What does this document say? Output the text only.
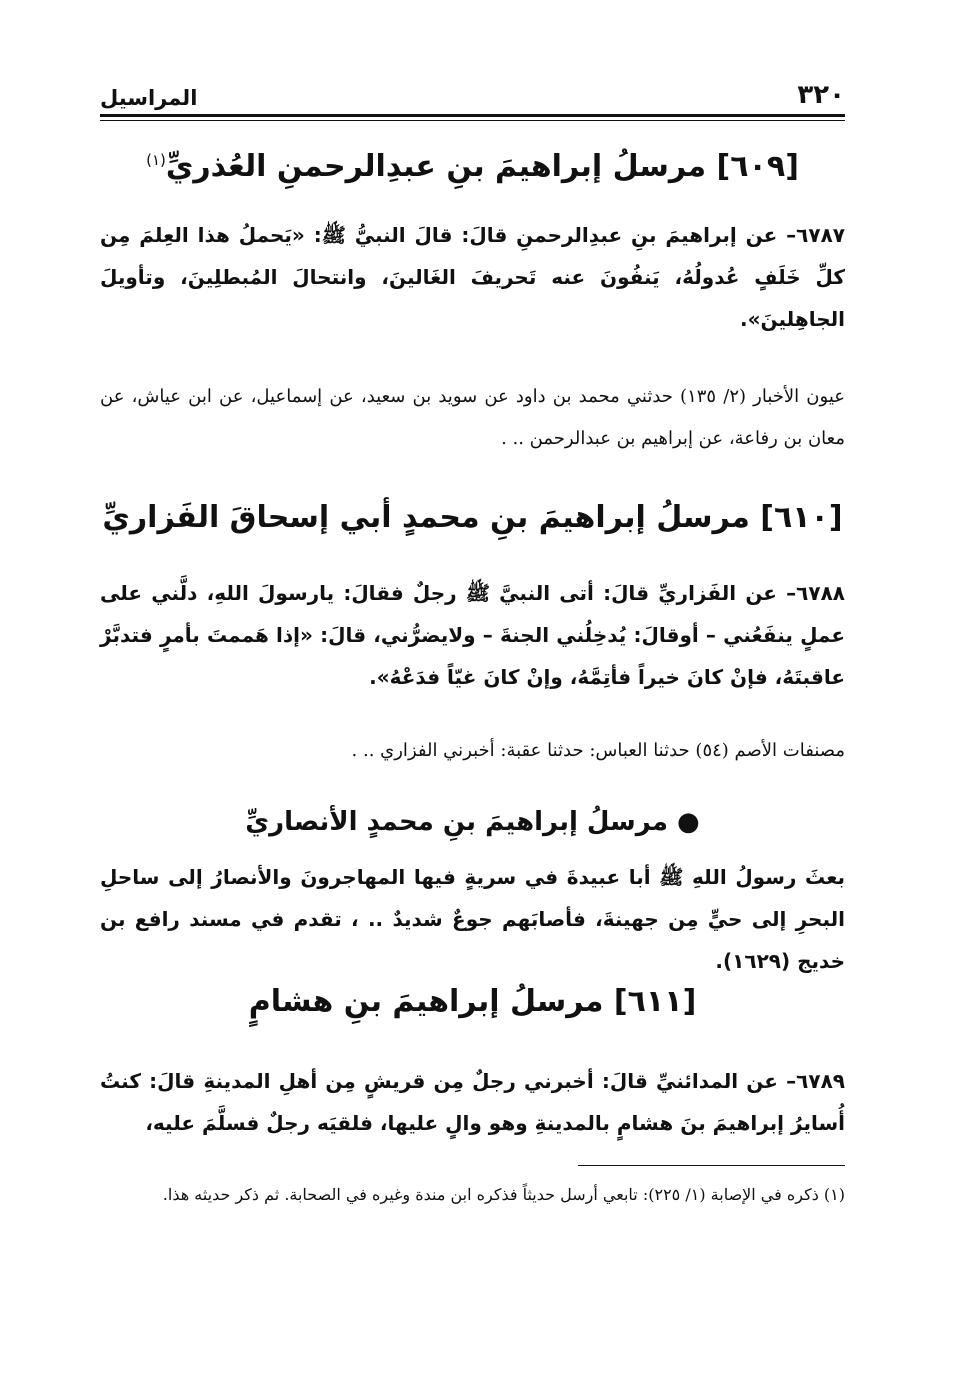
٣٢٠
المراسيل
[٦٠٩] مرسلُ إبراهيمَ بنِ عبدِالرحمنِ العُذريِّ$^{(١)}$
٦٧٨٧– عن إبراهيمَ بنِ عبدِالرحمنِ قالَ: قالَ النبيُّ ﷺ: «يَحملُ هذا العِلمَ مِن كلِّ خَلَفٍ عُدولُهُ، يَنفُونَ عنه تَحريفَ الغَالينَ، وانتحالَ المُبطلِينَ، وتأويلَ الجاهِلينَ».
عيون الأخبار (٢/ ١٣٥) حدثني محمد بن داود عن سويد بن سعيد، عن إسماعيل، عن ابن عياش، عن معان بن رفاعة، عن إبراهيم بن عبدالرحمن .. .
[٦١٠] مرسلُ إبراهيمَ بنِ محمدٍ أبي إسحاقَ الفَزاريِّ
٦٧٨٨– عن الفَزاريِّ قالَ: أتى النبيَّ ﷺ رجلٌ فقالَ: يارسولَ اللهِ، دلَّني على عملٍ ينفَعُني – أوقالَ: يُدخِلُني الجنةَ – ولايضرُّني، قالَ: «إذا هَممتَ بأمرٍ فتدبَّرْ عاقبتَهُ، فإنْ كانَ خيراً فأتِمَّهُ، وإنْ كانَ غيّاً فدَعْهُ».
مصنفات الأصم (٥٤) حدثنا العباس: حدثنا عقبة: أخبرني الفزاري .. .
● مرسلُ إبراهيمَ بنِ محمدٍ الأنصاريِّ
بعثَ رسولُ اللهِ ﷺ أبا عبيدةَ في سريةٍ فيها المهاجرونَ والأنصارُ إلى ساحلِ البحرِ إلى حيٍّ مِن جهينةَ، فأصابَهم جوعٌ شديدٌ .. ، تقدم في مسند رافع بن خديج (١٦٢٩).
[٦١١] مرسلُ إبراهيمَ بنِ هشامٍ
٦٧٨٩– عن المدائنيِّ قالَ: أخبرني رجلٌ مِن قريشٍ مِن أهلِ المدينةِ قالَ: كنتُ أُسايرُ إبراهيمَ بنَ هشامٍ بالمدينةِ وهو والٍ عليها، فلقيَه رجلٌ فسلَّمَ عليه،
(١) ذكره في الإصابة (١/ ٢٢٥): تابعي أرسل حديثاً فذكره ابن مندة وغيره في الصحابة. ثم ذكر حديثه هذا.
